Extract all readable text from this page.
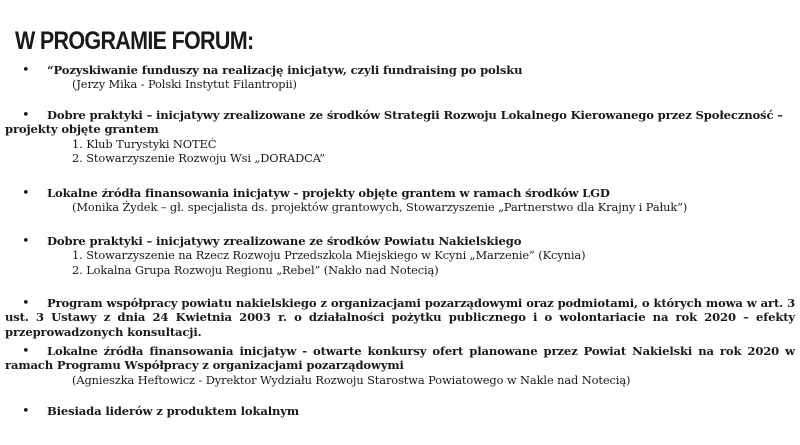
W PROGRAMIE FORUM:
•	“Pozyskiwanie funduszy na realizację inicjatyw, czyli fundraising po polsku

(Jerzy Mika - Polski Instytut Filantropii)
•	Dobre praktyki – inicjatywy zrealizowane ze środków Strategii Rozwoju Lokalnego Kierowanego przez Społeczność –

projekty objęte grantem

1. Klub Turystyki NOTEĆ
2. Stowarzyszenie Rozwoju Wsi „DORADCA”
•	Lokalne źródła finansowania inicjatyw - projekty objęte grantem w ramach środków LGD

(Monika Żydek – gł. specjalista ds. projektów grantowych, Stowarzyszenie „Partnerstwo dla Krajny i Pałuk”)
•	Dobre praktyki – inicjatywy zrealizowane ze środków Powiatu Nakielskiego

1. Stowarzyszenie na Rzecz Rozwoju Przedszkola Miejskiego w Kcyni „Marzenie” (Kcynia)
2. Lokalna Grupa Rozwoju Regionu „Rebel” (Nakło nad Notecią)
•	Program współpracy powiatu nakielskiego z organizacjami pozarządowymi oraz podmiotami, o których mowa w art. 3 ust. 3 Ustawy z dnia 24 Kwietnia 2003 r. o działalności pożytku publicznego i o wolontariacie na rok 2020 – efekty przeprowadzonych konsultacji.

•	Lokalne źródła finansowania inicjatyw - otwarte konkursy ofert planowane przez Powiat Nakielski na rok 2020 w ramach Programu Współpracy z organizacjami pozarządowymi

(Agnieszka Heftowicz - Dyrektor Wydziału Rozwoju Starostwa Powiatowego w Nakle nad Notecią)
•	Biesiada liderów z produktem lokalnym
